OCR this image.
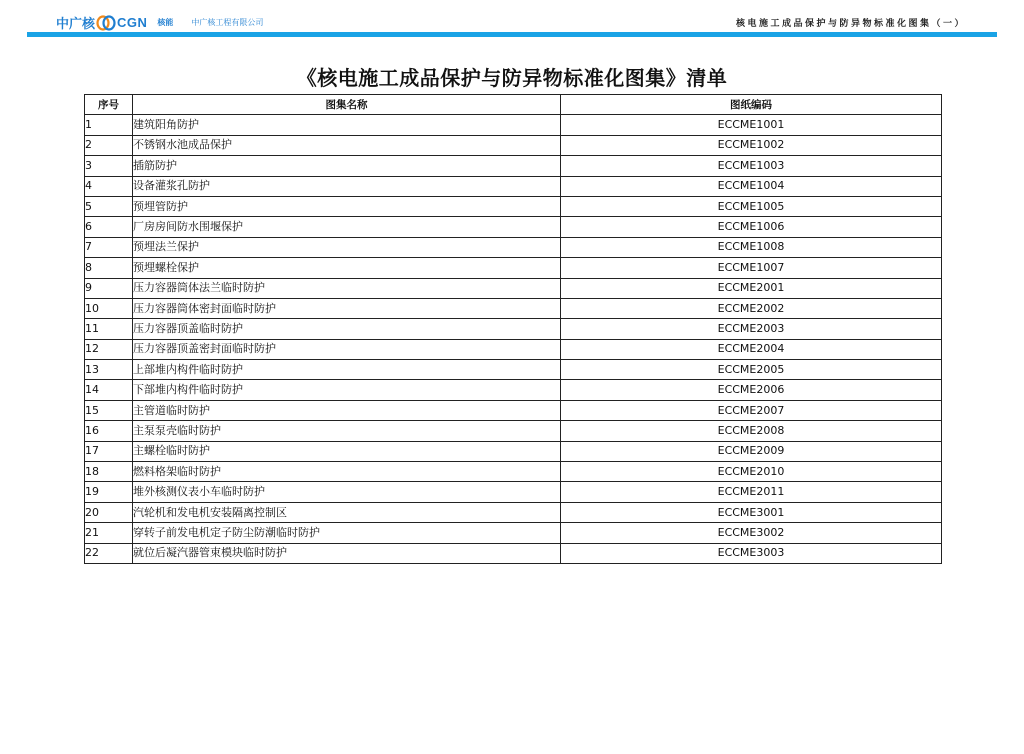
中广核 CGN 核能 中广核工程有限公司	核电施工成品保护与防异物标准化图集（一）
《核电施工成品保护与防异物标准化图集》清单
序号	图集名称	图纸编码
1	建筑阳角防护	ECCME1001
2	不锈钢水池成品保护	ECCME1002
3	插筋防护	ECCME1003
4	设备灌浆孔防护	ECCME1004
5	预埋管防护	ECCME1005
6	厂房房间防水围堰保护	ECCME1006
7	预埋法兰保护	ECCME1008
8	预埋螺栓保护	ECCME1007
9	压力容器筒体法兰临时防护	ECCME2001
10	压力容器筒体密封面临时防护	ECCME2002
11	压力容器顶盖临时防护	ECCME2003
12	压力容器顶盖密封面临时防护	ECCME2004
13	上部堆内构件临时防护	ECCME2005
14	下部堆内构件临时防护	ECCME2006
15	主管道临时防护	ECCME2007
16	主泵泵壳临时防护	ECCME2008
17	主螺栓临时防护	ECCME2009
18	燃料格架临时防护	ECCME2010
19	堆外核测仪表小车临时防护	ECCME2011
20	汽轮机和发电机安装隔离控制区	ECCME3001
21	穿转子前发电机定子防尘防潮临时防护	ECCME3002
22	就位后凝汽器管束模块临时防护	ECCME3003
